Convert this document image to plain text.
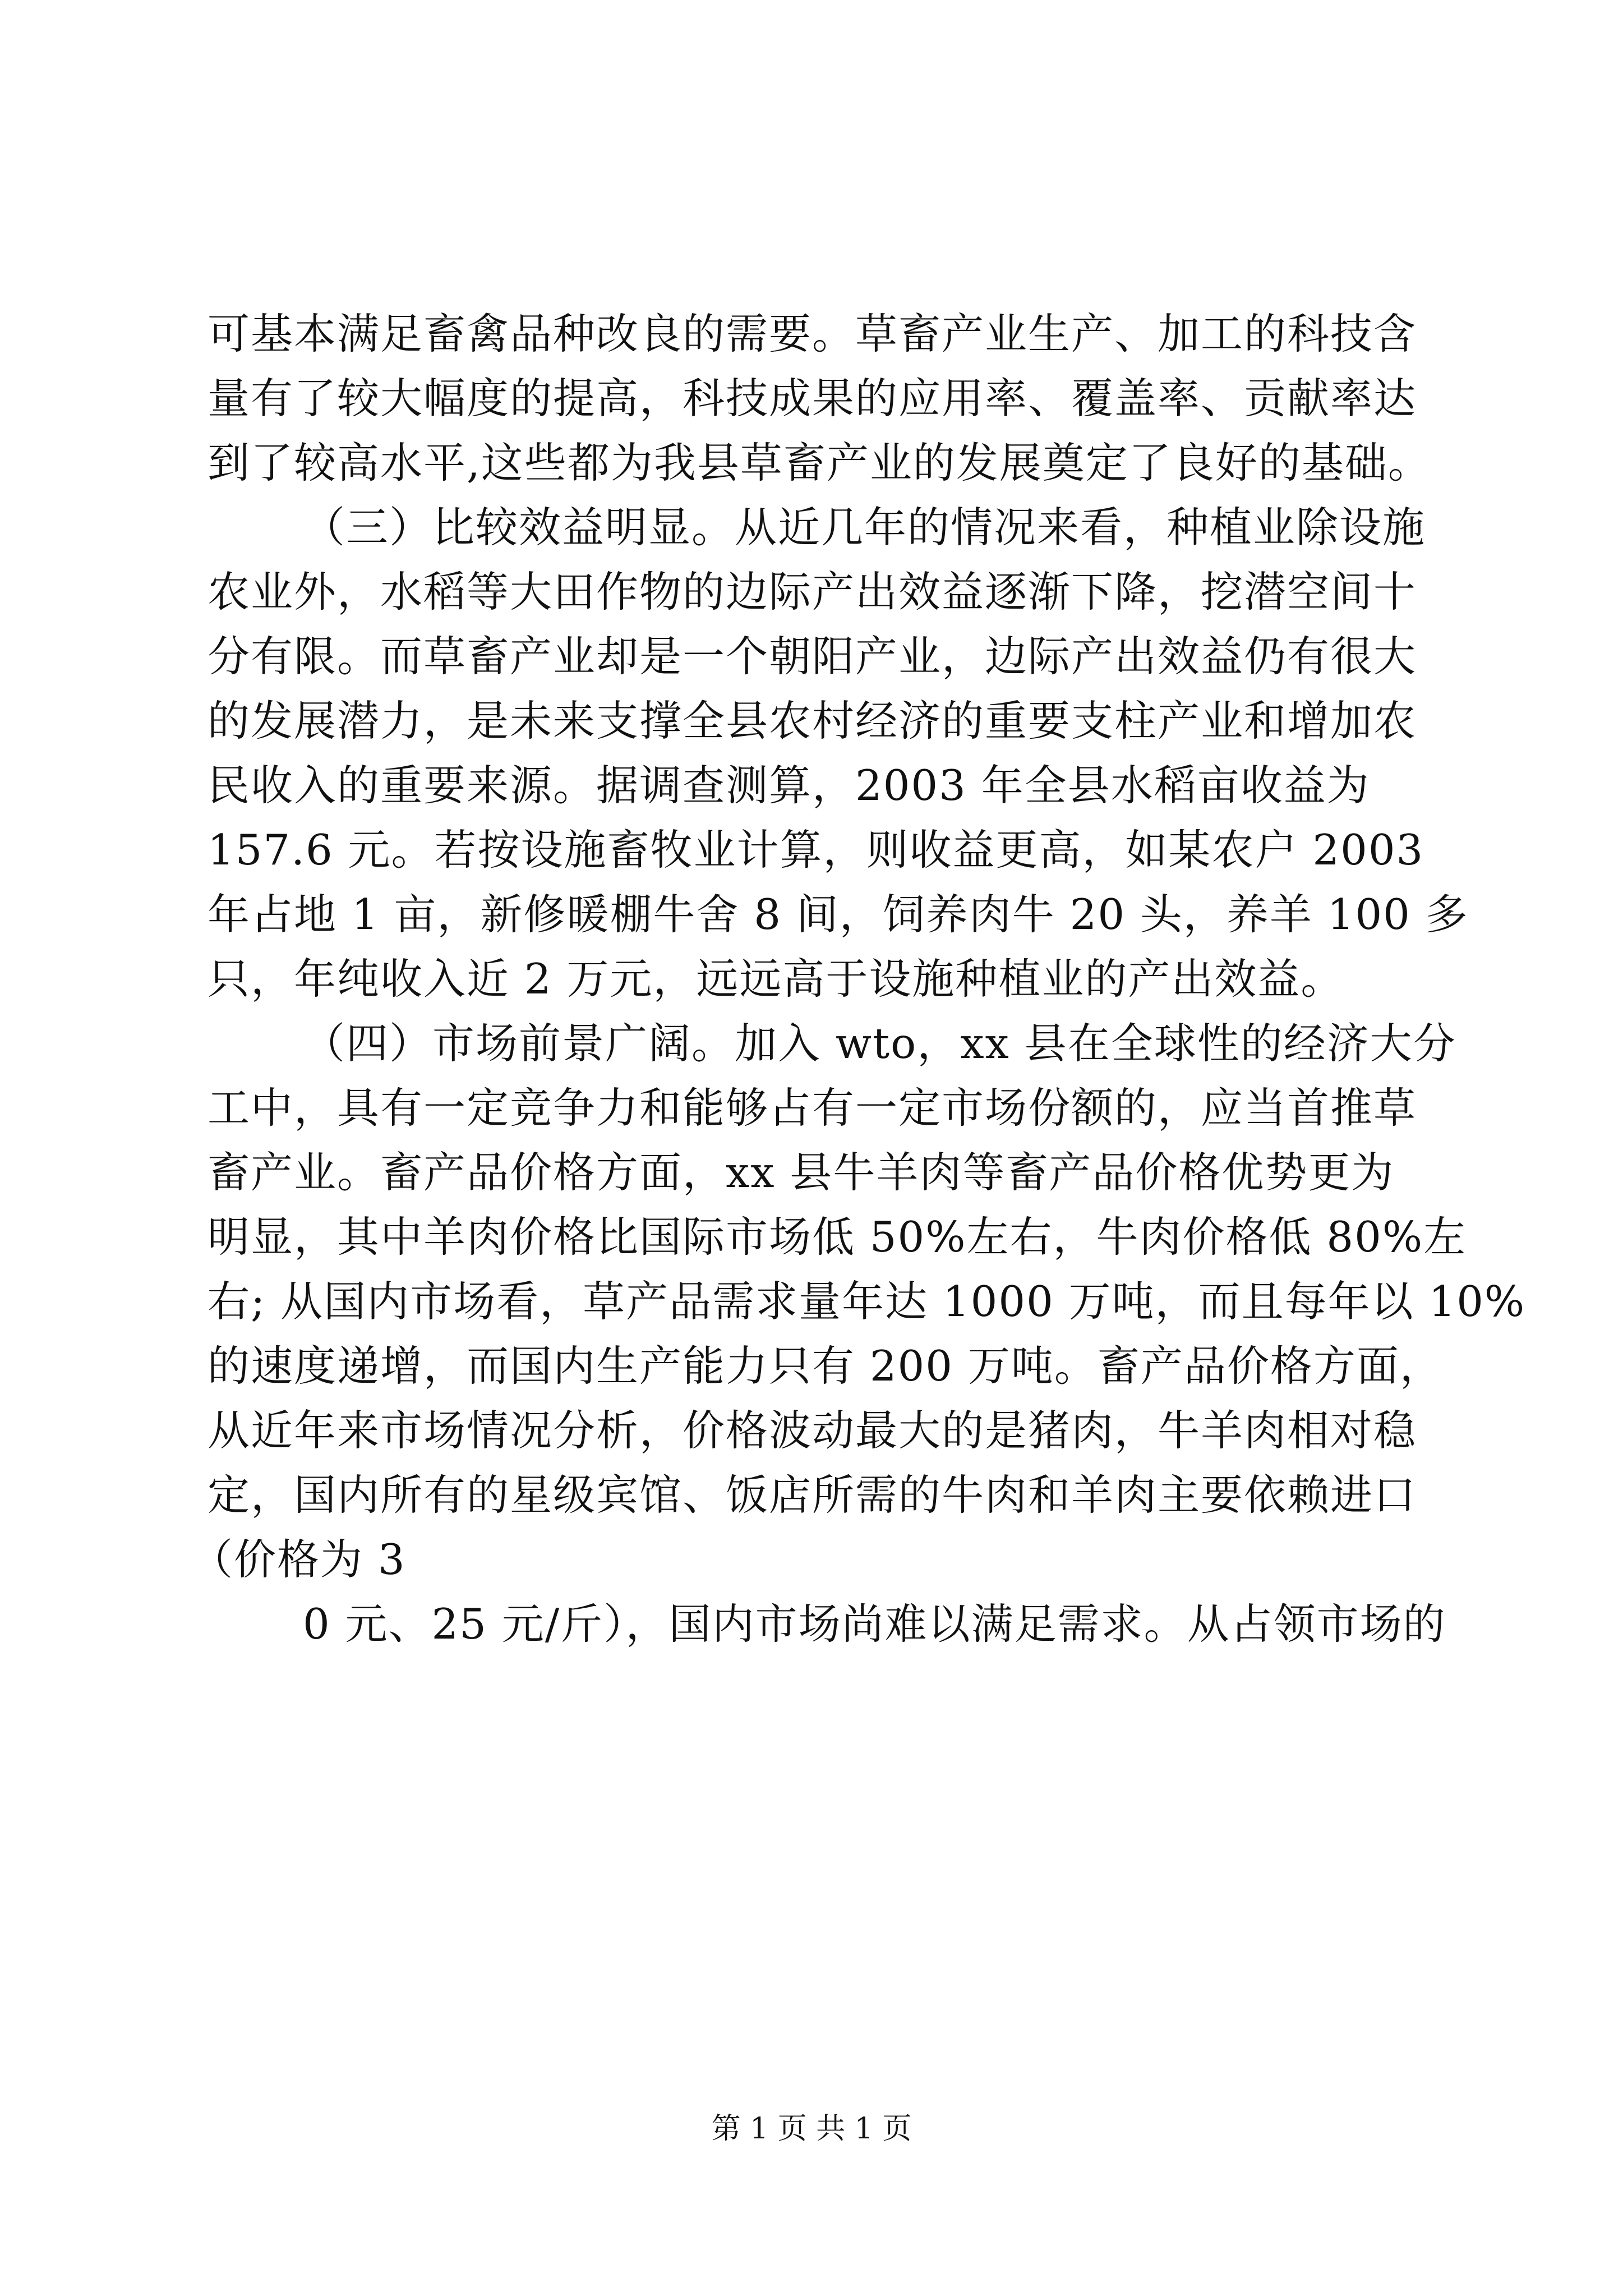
可基本满足畜禽品种改良的需要。草畜产业生产、加工的科技含
量有了较大幅度的提高，科技成果的应用率、覆盖率、贡献率达
到了较高水平,这些都为我县草畜产业的发展奠定了良好的基础。
（三）比较效益明显。从近几年的情况来看，种植业除设施
农业外，水稻等大田作物的边际产出效益逐渐下降，挖潜空间十
分有限。而草畜产业却是一个朝阳产业，边际产出效益仍有很大
的发展潜力，是未来支撑全县农村经济的重要支柱产业和增加农
民收入的重要来源。据调查测算，2003 年全县水稻亩收益为
157.6 元。若按设施畜牧业计算，则收益更高，如某农户 2003
年占地 1 亩，新修暖棚牛舍 8 间，饲养肉牛 20 头，养羊 100 多
只，年纯收入近 2 万元，远远高于设施种植业的产出效益。
（四）市场前景广阔。加入 wto，xx 县在全球性的经济大分
工中，具有一定竞争力和能够占有一定市场份额的，应当首推草
畜产业。畜产品价格方面，xx 县牛羊肉等畜产品价格优势更为
明显，其中羊肉价格比国际市场低 50%左右，牛肉价格低 80%左
右; 从国内市场看，草产品需求量年达 1000 万吨，而且每年以 10%
的速度递增，而国内生产能力只有 200 万吨。畜产品价格方面，
从近年来市场情况分析，价格波动最大的是猪肉，牛羊肉相对稳
定，国内所有的星级宾馆、饭店所需的牛肉和羊肉主要依赖进口
（价格为 3
0 元、25 元/斤），国内市场尚难以满足需求。从占领市场的
第 1 页 共 1 页
